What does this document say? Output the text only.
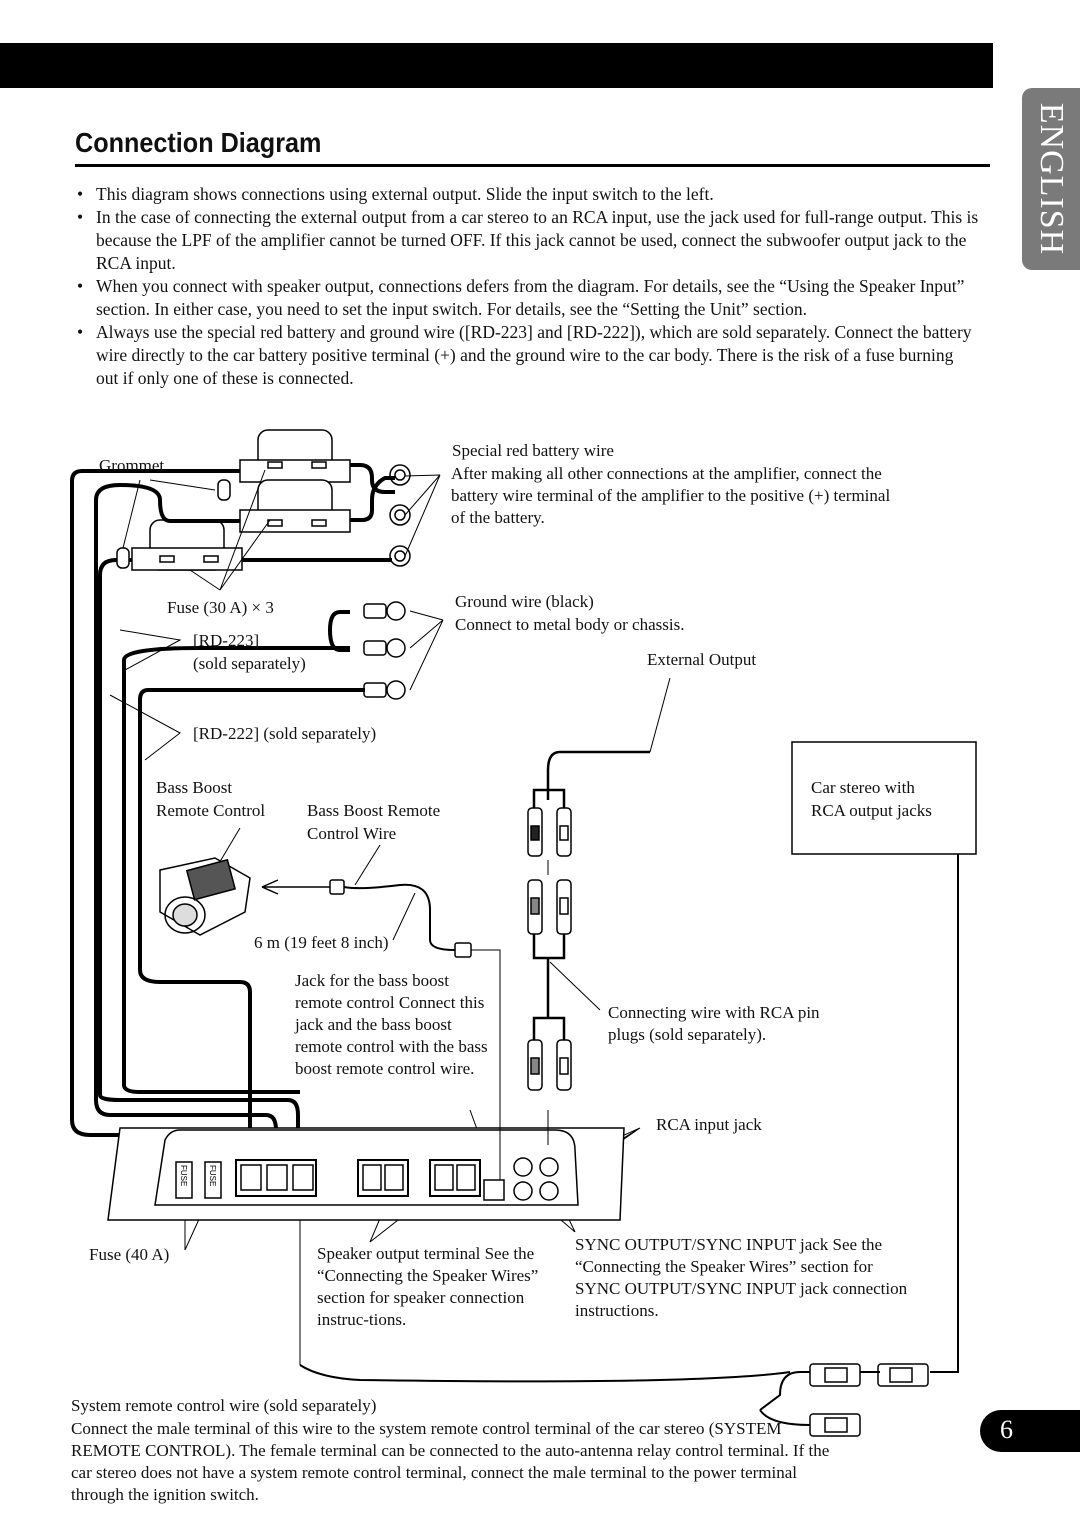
ENGLISH
Connection Diagram
• This diagram shows connections using external output. Slide the input switch to the left.
• In the case of connecting the external output from a car stereo to an RCA input, use the jack used for full-range output. This is because the LPF of the amplifier cannot be turned OFF. If this jack cannot be used, connect the subwoofer output jack to the RCA input.
• When you connect with speaker output, connections defers from the diagram. For details, see the “Using the Speaker Input” section. In either case, you need to set the input switch. For details, see the “Setting the Unit” section.
• Always use the special red battery and ground wire ([RD-223] and [RD-222]), which are sold separately. Connect the battery wire directly to the car battery positive terminal (+) and the ground wire to the car body. There is the risk of a fuse burning out if only one of these is connected.
FUSE	FUSE
Grommet
Special red battery wire
After making all other connections at the amplifier, connect the battery wire terminal of the amplifier to the positive (+) terminal of the battery.
Fuse (30 A) × 3
[RD-223]
(sold separately)
Ground wire (black)
Connect to metal body or chassis.
External Output
[RD-222] (sold separately)
Bass Boost
Remote Control Bass Boost Remote
Control Wire
Car stereo with
RCA output jacks
6 m (19 feet 8 inch)
Jack for the bass boost remote control Connect this jack and the bass boost remote control with the bass boost remote control wire.
Connecting wire with RCA pin plugs (sold separately).
RCA input jack
Fuse (40 A)	Speaker output terminal See the “Connecting the Speaker Wires” section for speaker connection instruc-tions.
SYNC OUTPUT/SYNC INPUT jack See the “Connecting the Speaker Wires” section for SYNC OUTPUT/SYNC INPUT jack connection instructions.
System remote control wire (sold separately)
Connect the male terminal of this wire to the system remote control terminal of the car stereo (SYSTEM REMOTE CONTROL). The female terminal can be connected to the auto-antenna relay control terminal. If the car stereo does not have a system remote control terminal, connect the male terminal to the power terminal through the ignition switch.
6
